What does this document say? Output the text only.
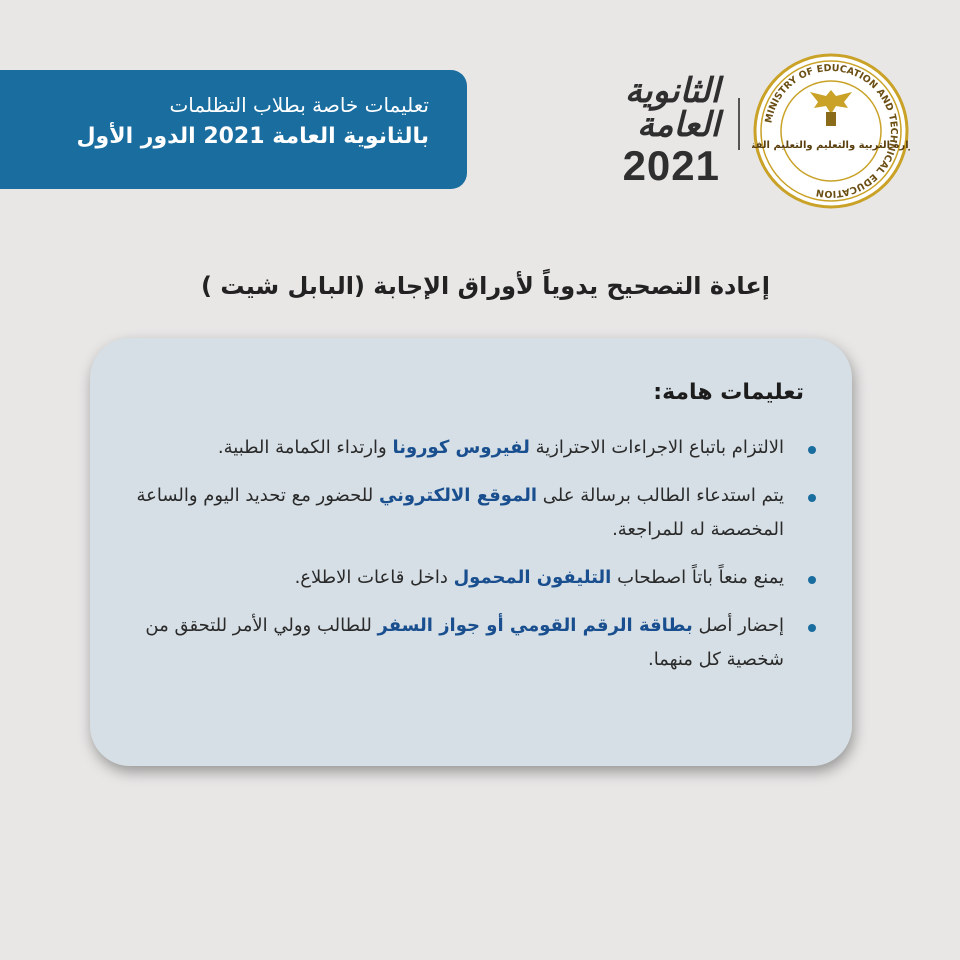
تعليمات خاصة بطلاب التظلمات
بالثانوية العامة 2021 الدور الأول
الثانوية
العامة
2021
MINISTRY OF EDUCATION AND TECHNICAL EDUCATION
ارة التربية والتعليم والتعليم الف
إعادة التصحيح يدوياً لأوراق الإجابة (البابل شيت )
تعليمات هامة:
الالتزام باتباع الاجراءات الاحترازية لفيروس كورونا وارتداء الكمامة الطبية.
يتم استدعاء الطالب برسالة على الموقع الالكتروني للحضور مع تحديد اليوم والساعة المخصصة له للمراجعة.
يمنع منعاً باتاً اصطحاب التليفون المحمول داخل قاعات الاطلاع.
إحضار أصل بطاقة الرقم القومي أو جواز السفر للطالب وولي الأمر للتحقق من شخصية كل منهما.
